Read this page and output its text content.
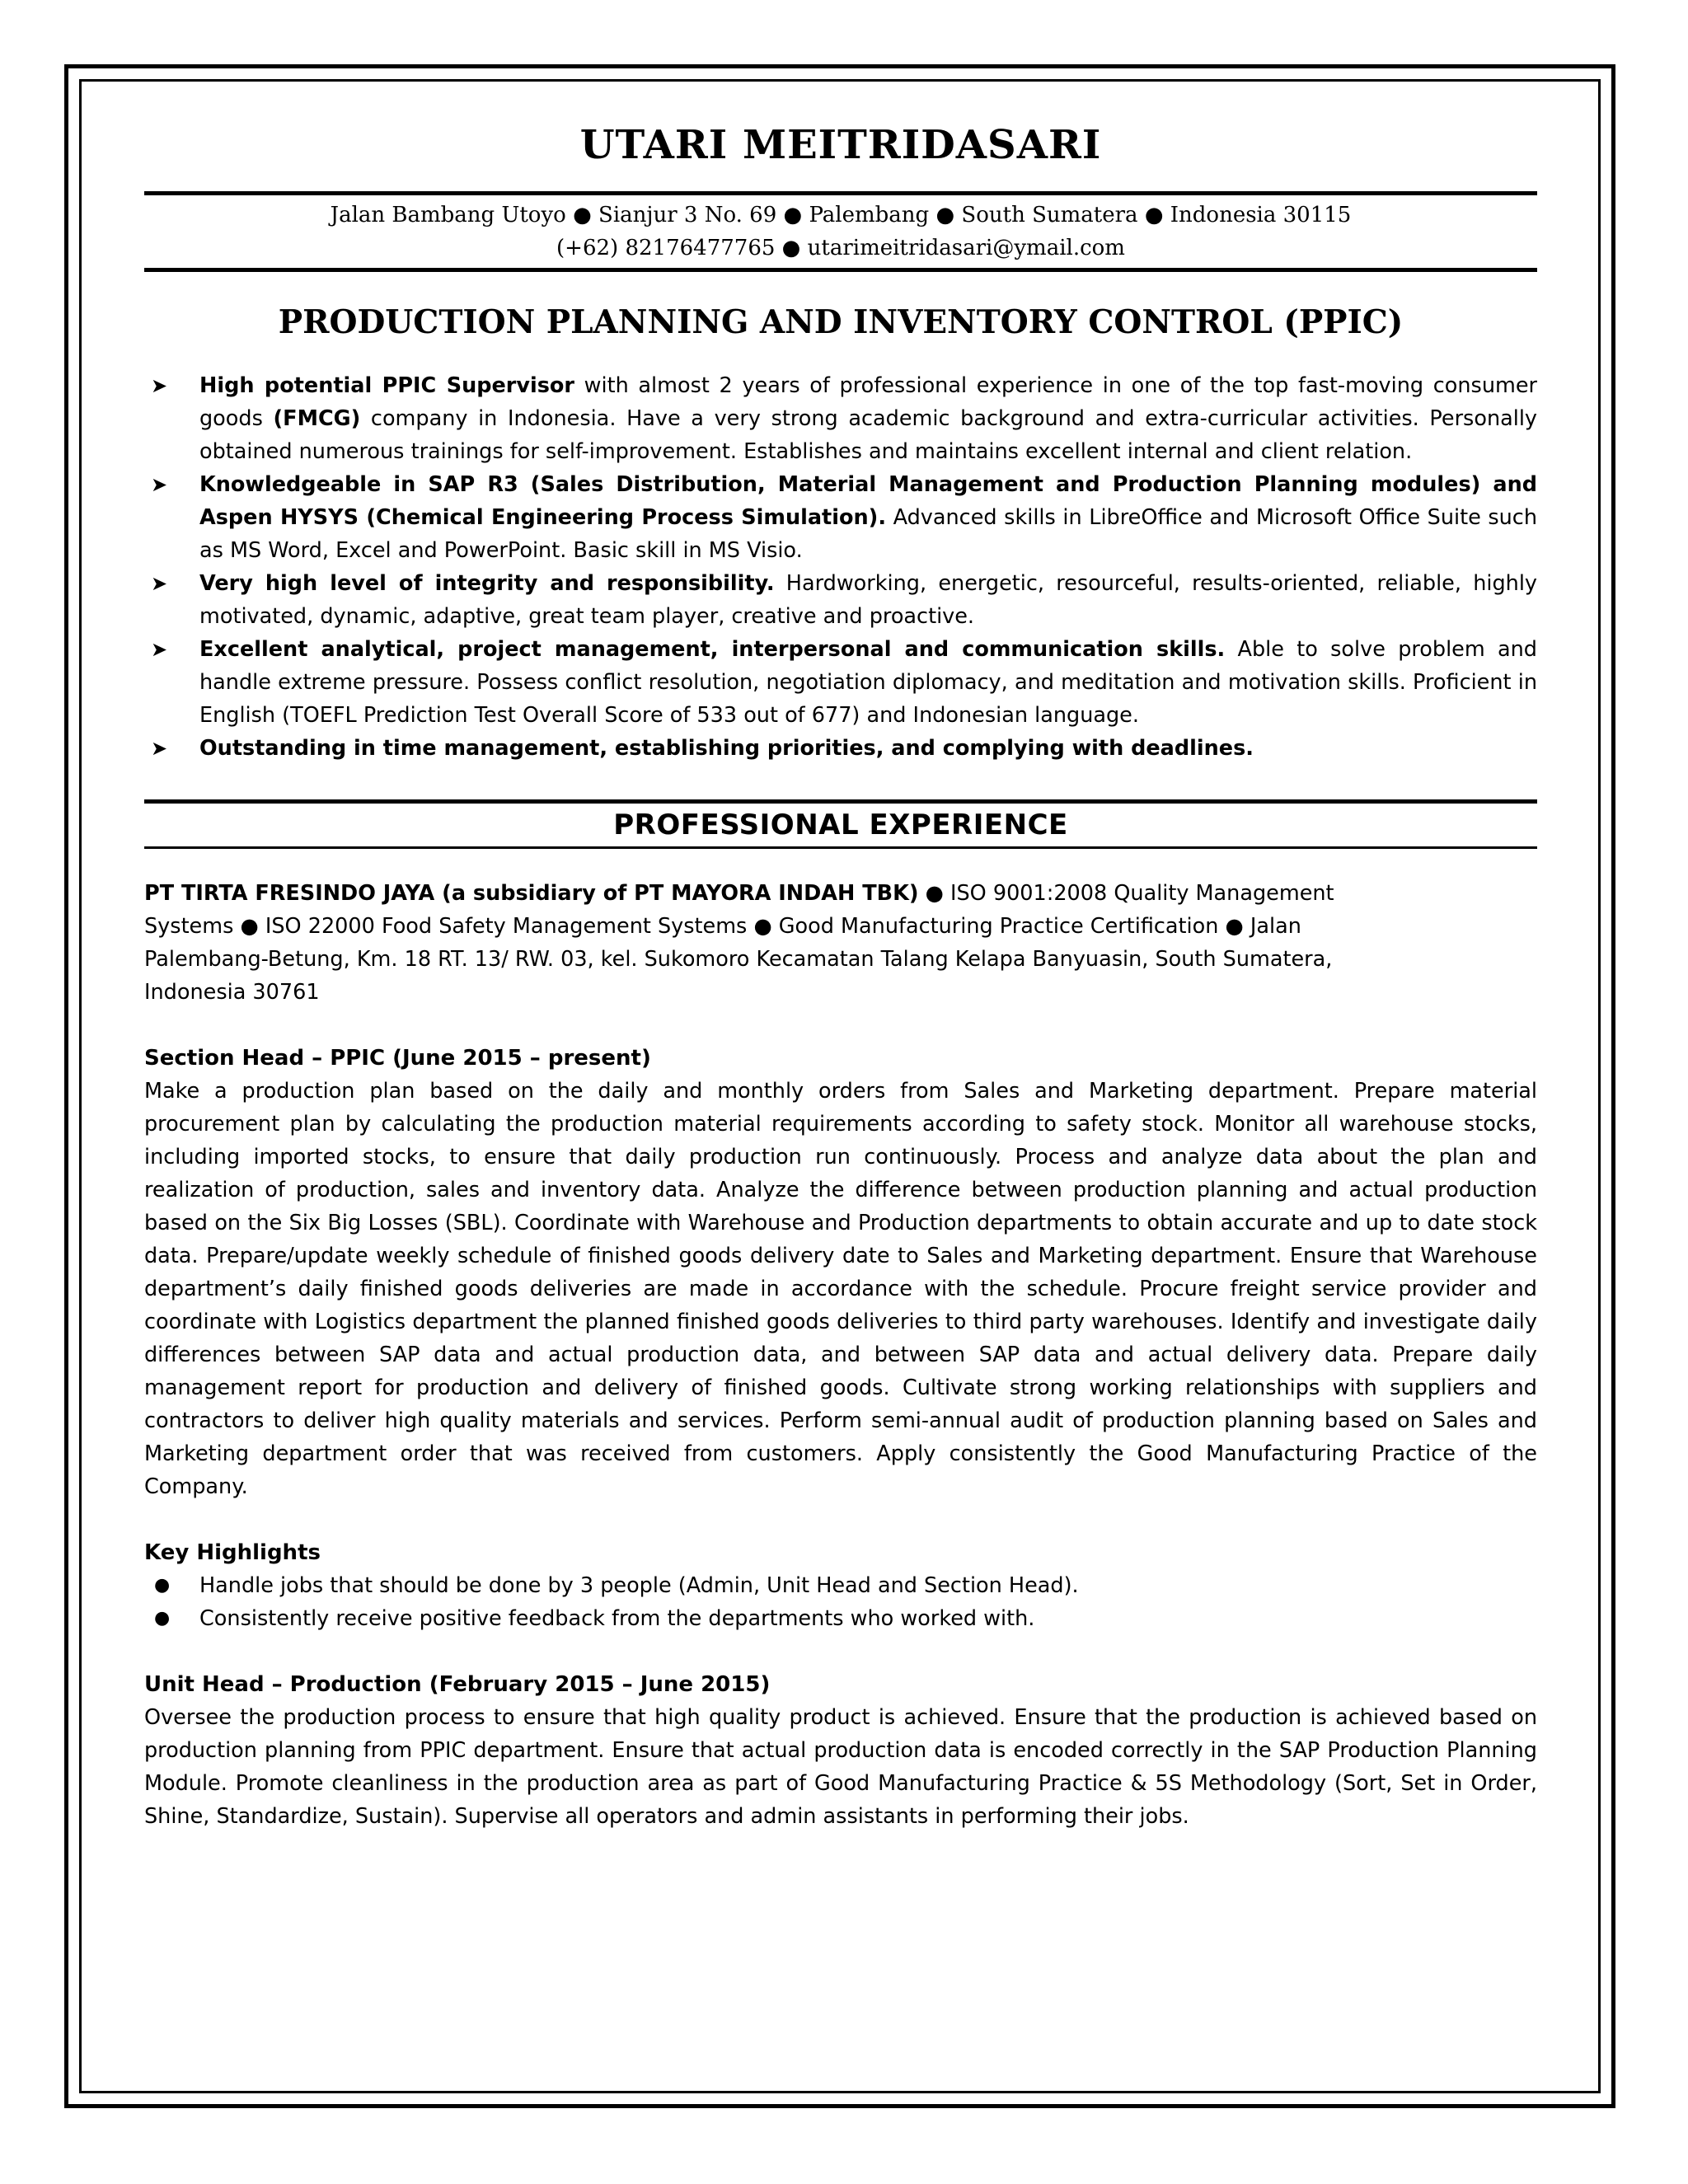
UTARI MEITRIDASARI
Jalan Bambang Utoyo ● Sianjur 3 No. 69 ● Palembang ● South Sumatera ● Indonesia 30115
(+62) 82176477765 ● utarimeitridasari@ymail.com
PRODUCTION PLANNING AND INVENTORY CONTROL (PPIC)
➤ High potential PPIC Supervisor with almost 2 years of professional experience in one of the top fast-moving consumer goods (FMCG) company in Indonesia. Have a very strong academic background and extra-curricular activities. Personally obtained numerous trainings for self-improvement. Establishes and maintains excellent internal and client relation.
➤ Knowledgeable in SAP R3 (Sales Distribution, Material Management and Production Planning modules) and Aspen HYSYS (Chemical Engineering Process Simulation). Advanced skills in LibreOffice and Microsoft Office Suite such as MS Word, Excel and PowerPoint. Basic skill in MS Visio.
➤ Very high level of integrity and responsibility. Hardworking, energetic, resourceful, results-oriented, reliable, highly motivated, dynamic, adaptive, great team player, creative and proactive.
➤ Excellent analytical, project management, interpersonal and communication skills. Able to solve problem and handle extreme pressure. Possess conflict resolution, negotiation diplomacy, and meditation and motivation skills. Proficient in English (TOEFL Prediction Test Overall Score of 533 out of 677) and Indonesian language.
➤ Outstanding in time management, establishing priorities, and complying with deadlines.
PROFESSIONAL EXPERIENCE

PT TIRTA FRESINDO JAYA (a subsidiary of PT MAYORA INDAH TBK) ● ISO 9001:2008 Quality Management Systems ● ISO 22000 Food Safety Management Systems ● Good Manufacturing Practice Certification ● Jalan Palembang-Betung, Km. 18 RT. 13/ RW. 03, kel. Sukomoro Kecamatan Talang Kelapa Banyuasin, South Sumatera, Indonesia 30761

Section Head – PPIC (June 2015 – present)

Make a production plan based on the daily and monthly orders from Sales and Marketing department. Prepare material procurement plan by calculating the production material requirements according to safety stock. Monitor all warehouse stocks, including imported stocks, to ensure that daily production run continuously. Process and analyze data about the plan and realization of production, sales and inventory data. Analyze the difference between production planning and actual production based on the Six Big Losses (SBL). Coordinate with Warehouse and Production departments to obtain accurate and up to date stock data. Prepare/update weekly schedule of finished goods delivery date to Sales and Marketing department. Ensure that Warehouse department’s daily finished goods deliveries are made in accordance with the schedule. Procure freight service provider and coordinate with Logistics department the planned finished goods deliveries to third party warehouses. Identify and investigate daily differences between SAP data and actual production data, and between SAP data and actual delivery data. Prepare daily management report for production and delivery of finished goods. Cultivate strong working relationships with suppliers and contractors to deliver high quality materials and services. Perform semi-annual audit of production planning based on Sales and Marketing department order that was received from customers. Apply consistently the Good Manufacturing Practice of the Company.

Key Highlights
● Handle jobs that should be done by 3 people (Admin, Unit Head and Section Head).
● Consistently receive positive feedback from the departments who worked with.
Unit Head – Production (February 2015 – June 2015)

Oversee the production process to ensure that high quality product is achieved. Ensure that the production is achieved based on production planning from PPIC department. Ensure that actual production data is encoded correctly in the SAP Production Planning Module. Promote cleanliness in the production area as part of Good Manufacturing Practice & 5S Methodology (Sort, Set in Order, Shine, Standardize, Sustain). Supervise all operators and admin assistants in performing their jobs.
